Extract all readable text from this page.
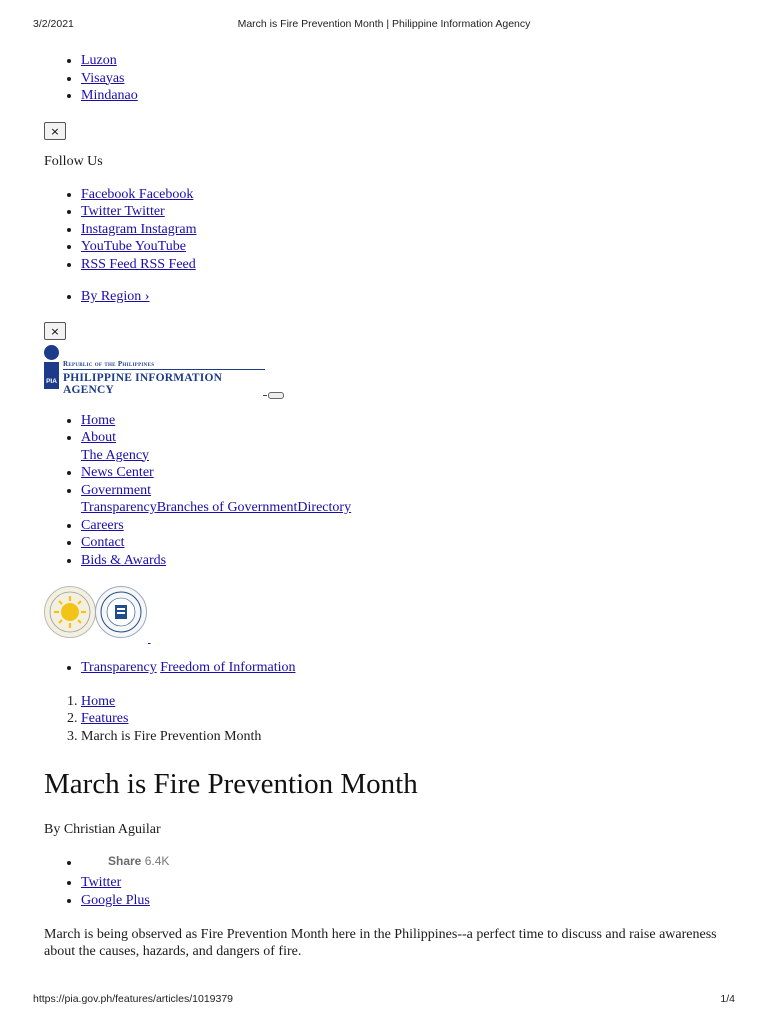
3/2/2021	March is Fire Prevention Month | Philippine Information Agency
• Luzon
• Visayas
• Mindanao
×
Follow Us
• Facebook Facebook
• Twitter Twitter
• Instagram Instagram
• YouTube YouTube
• RSS Feed RSS Feed
• By Region ›
×
PIA
Republic of the Philippines
PHILIPPINE INFORMATION AGENCY
• Home
• About
The Agency
• News Center
• Government
TransparencyBranches of GovernmentDirectory
• Careers
• Contact
• Bids & Awards

• Transparency Freedom of Information
1. Home
2. Features
3. March is Fire Prevention Month
March is Fire Prevention Month
By Christian Aguilar
• Share 6.4K
• Twitter
• Google Plus

March is being observed as Fire Prevention Month here in the Philippines--a perfect time to discuss and raise awareness about the causes, hazards, and dangers of fire.

https://pia.gov.ph/features/articles/1019379	1/4
